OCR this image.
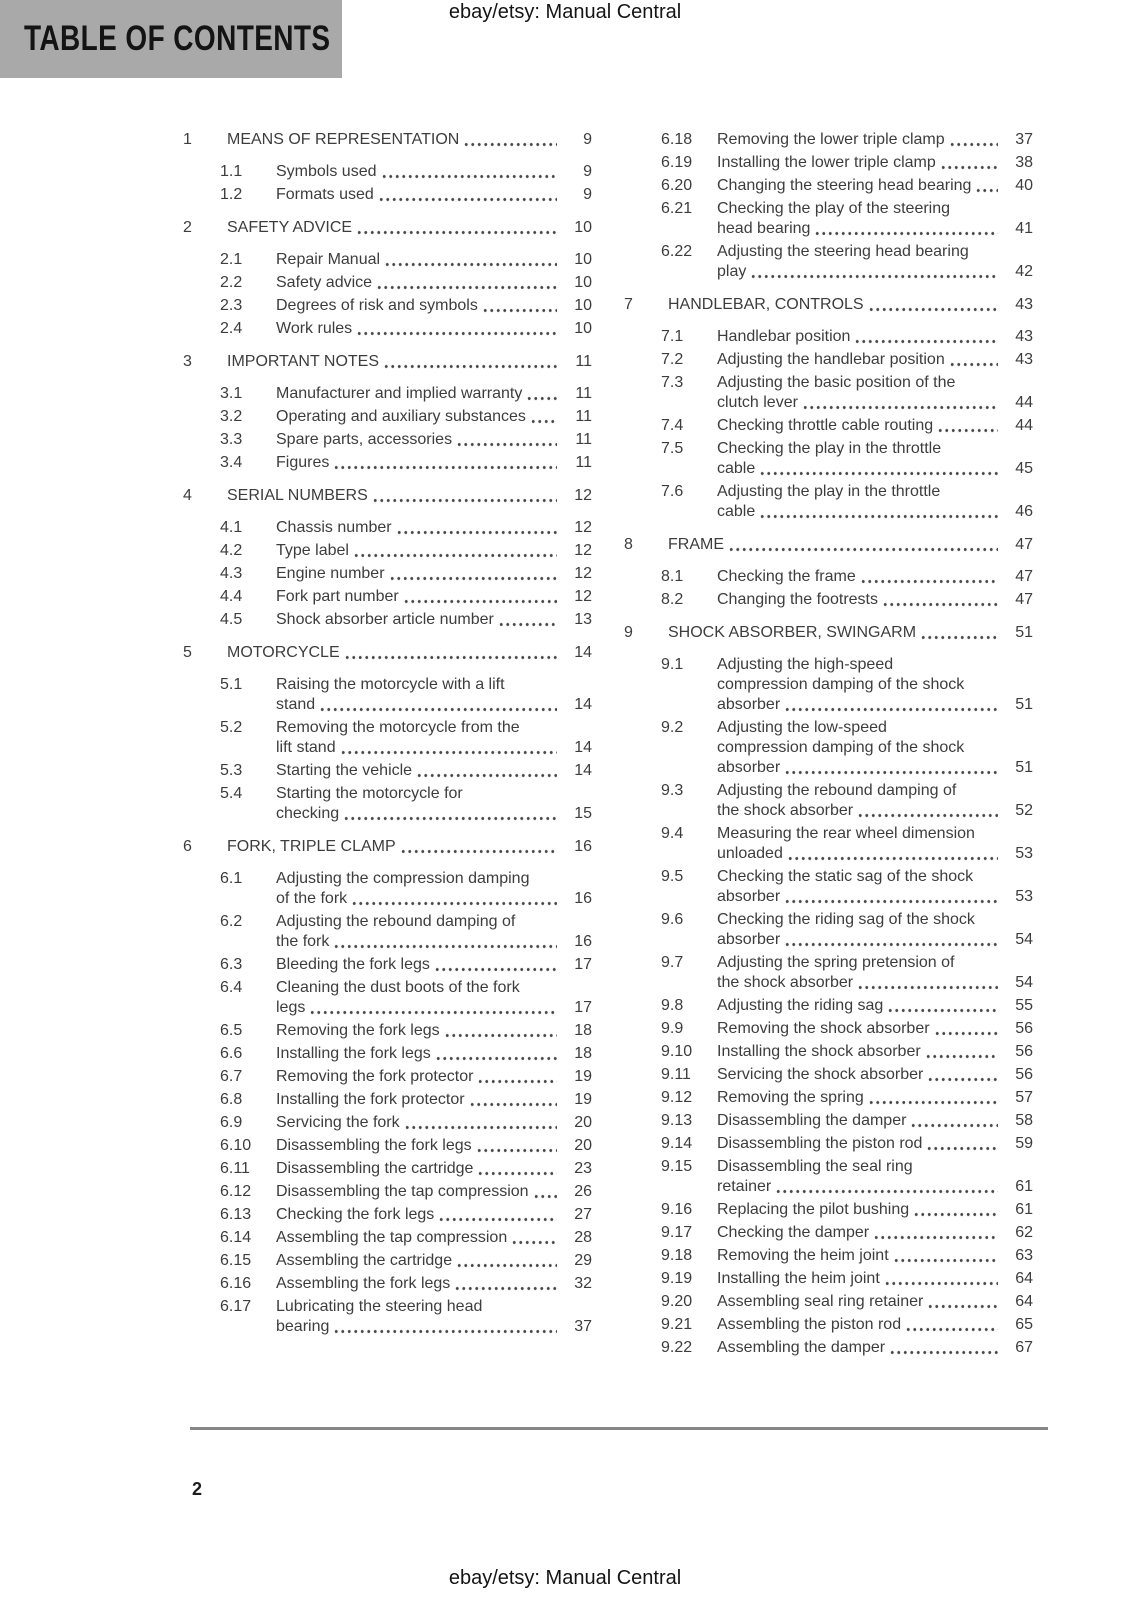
ebay/etsy: Manual Central
TABLE OF CONTENTS
1	MEANS OF REPRESENTATION	9
1.1	Symbols used	9
1.2	Formats used	9
2	SAFETY ADVICE	10
2.1	Repair Manual	10
2.2	Safety advice	10
2.3	Degrees of risk and symbols	10
2.4	Work rules	10
3	IMPORTANT NOTES	11
3.1	Manufacturer and implied warranty	11
3.2	Operating and auxiliary substances	11
3.3	Spare parts, accessories	11
3.4	Figures	11
4	SERIAL NUMBERS	12
4.1	Chassis number	12
4.2	Type label	12
4.3	Engine number	12
4.4	Fork part number	12
4.5	Shock absorber article number	13
5	MOTORCYCLE	14
5.1	Raising the motorcycle with a lift
stand	14
5.2	Removing the motorcycle from the
lift stand	14
5.3	Starting the vehicle	14
5.4	Starting the motorcycle for
checking	15
6	FORK, TRIPLE CLAMP	16
6.1	Adjusting the compression damping
of the fork	16
6.2	Adjusting the rebound damping of
the fork	16
6.3	Bleeding the fork legs	17
6.4	Cleaning the dust boots of the fork
legs	17
6.5	Removing the fork legs	18
6.6	Installing the fork legs	18
6.7	Removing the fork protector	19
6.8	Installing the fork protector	19
6.9	Servicing the fork	20
6.10	Disassembling the fork legs	20
6.11	Disassembling the cartridge	23
6.12	Disassembling the tap compression	26
6.13	Checking the fork legs	27
6.14	Assembling the tap compression	28
6.15	Assembling the cartridge	29
6.16	Assembling the fork legs	32
6.17	Lubricating the steering head
bearing	37
6.18	Removing the lower triple clamp	37
6.19	Installing the lower triple clamp	38
6.20	Changing the steering head bearing	40
6.21	Checking the play of the steering
head bearing	41
6.22	Adjusting the steering head bearing
play	42
7	HANDLEBAR, CONTROLS	43
7.1	Handlebar position	43
7.2	Adjusting the handlebar position	43
7.3	Adjusting the basic position of the
clutch lever	44
7.4	Checking throttle cable routing	44
7.5	Checking the play in the throttle
cable	45
7.6	Adjusting the play in the throttle
cable	46
8	FRAME	47
8.1	Checking the frame	47
8.2	Changing the footrests	47
9	SHOCK ABSORBER, SWINGARM	51
9.1	Adjusting the high-speed
compression damping of the shock
absorber	51
9.2	Adjusting the low-speed
compression damping of the shock
absorber	51
9.3	Adjusting the rebound damping of
the shock absorber	52
9.4	Measuring the rear wheel dimension
unloaded	53
9.5	Checking the static sag of the shock
absorber	53
9.6	Checking the riding sag of the shock
absorber	54
9.7	Adjusting the spring pretension of
the shock absorber	54
9.8	Adjusting the riding sag	55
9.9	Removing the shock absorber	56
9.10	Installing the shock absorber	56
9.11	Servicing the shock absorber	56
9.12	Removing the spring	57
9.13	Disassembling the damper	58
9.14	Disassembling the piston rod	59
9.15	Disassembling the seal ring
retainer	61
9.16	Replacing the pilot bushing	61
9.17	Checking the damper	62
9.18	Removing the heim joint	63
9.19	Installing the heim joint	64
9.20	Assembling seal ring retainer	64
9.21	Assembling the piston rod	65
9.22	Assembling the damper	67
2
ebay/etsy: Manual Central
